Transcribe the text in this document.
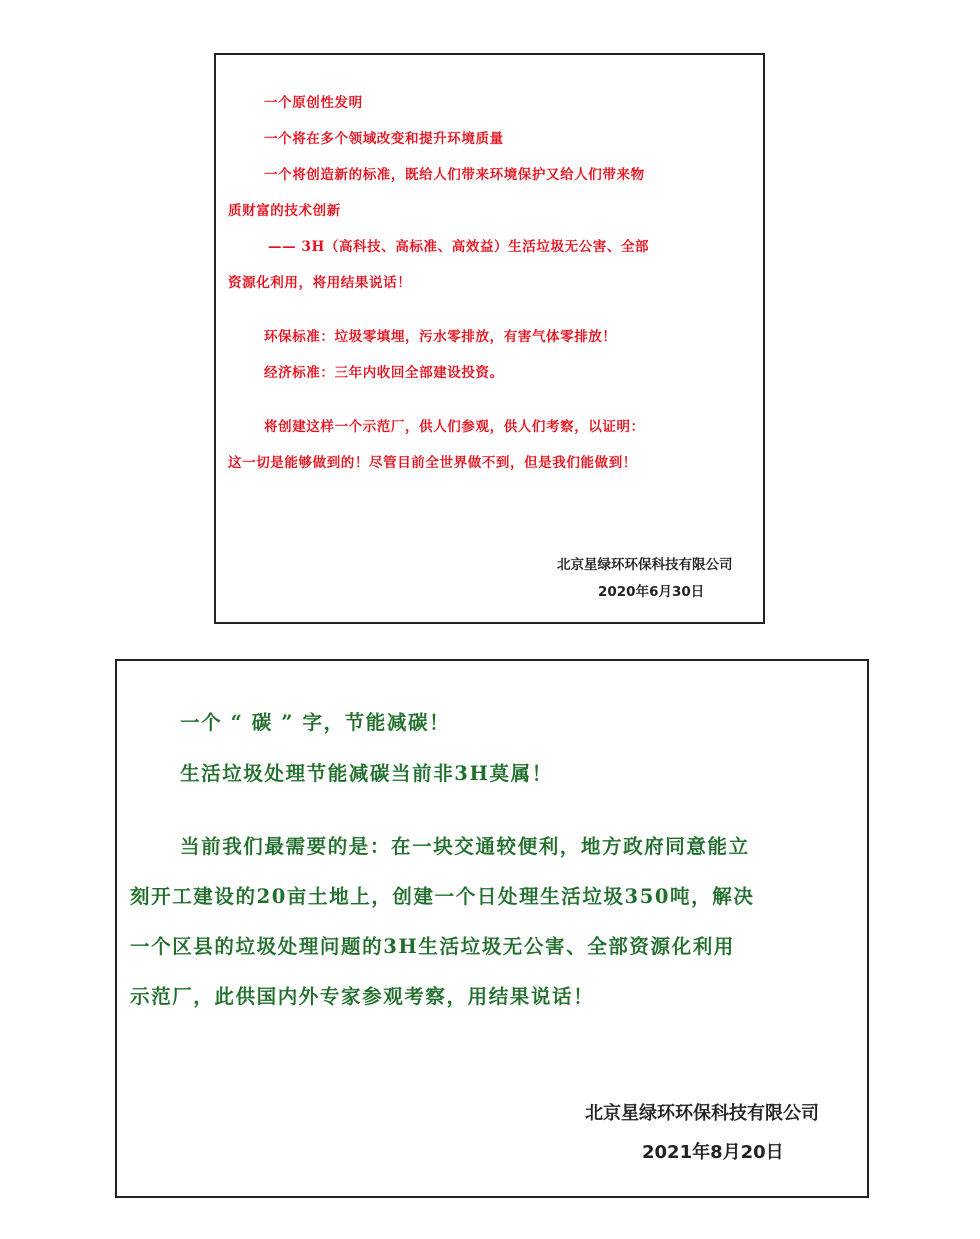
一个原创性发明
一个将在多个领域改变和提升环境质量
一个将创造新的标准，既给人们带来环境保护又给人们带来物
质财富的技术创新
—— 3H（高科技、高标准、高效益）生活垃圾无公害、全部
资源化利用，将用结果说话！
环保标准：垃圾零填埋，污水零排放，有害气体零排放！
经济标准：三年内收回全部建设投资。
将创建这样一个示范厂，供人们参观，供人们考察，以证明：
这一切是能够做到的！尽管目前全世界做不到，但是我们能做到！
北京星绿环环保科技有限公司
2020年6月30日
一个 “ 碳 ” 字，节能减碳！
生活垃圾处理节能减碳当前非3H莫属！
当前我们最需要的是：在一块交通较便利，地方政府同意能立
刻开工建设的20亩土地上，创建一个日处理生活垃圾350吨，解决
一个区县的垃圾处理问题的3H生活垃圾无公害、全部资源化利用
示范厂，此供国内外专家参观考察，用结果说话！
北京星绿环环保科技有限公司
2021年8月20日
